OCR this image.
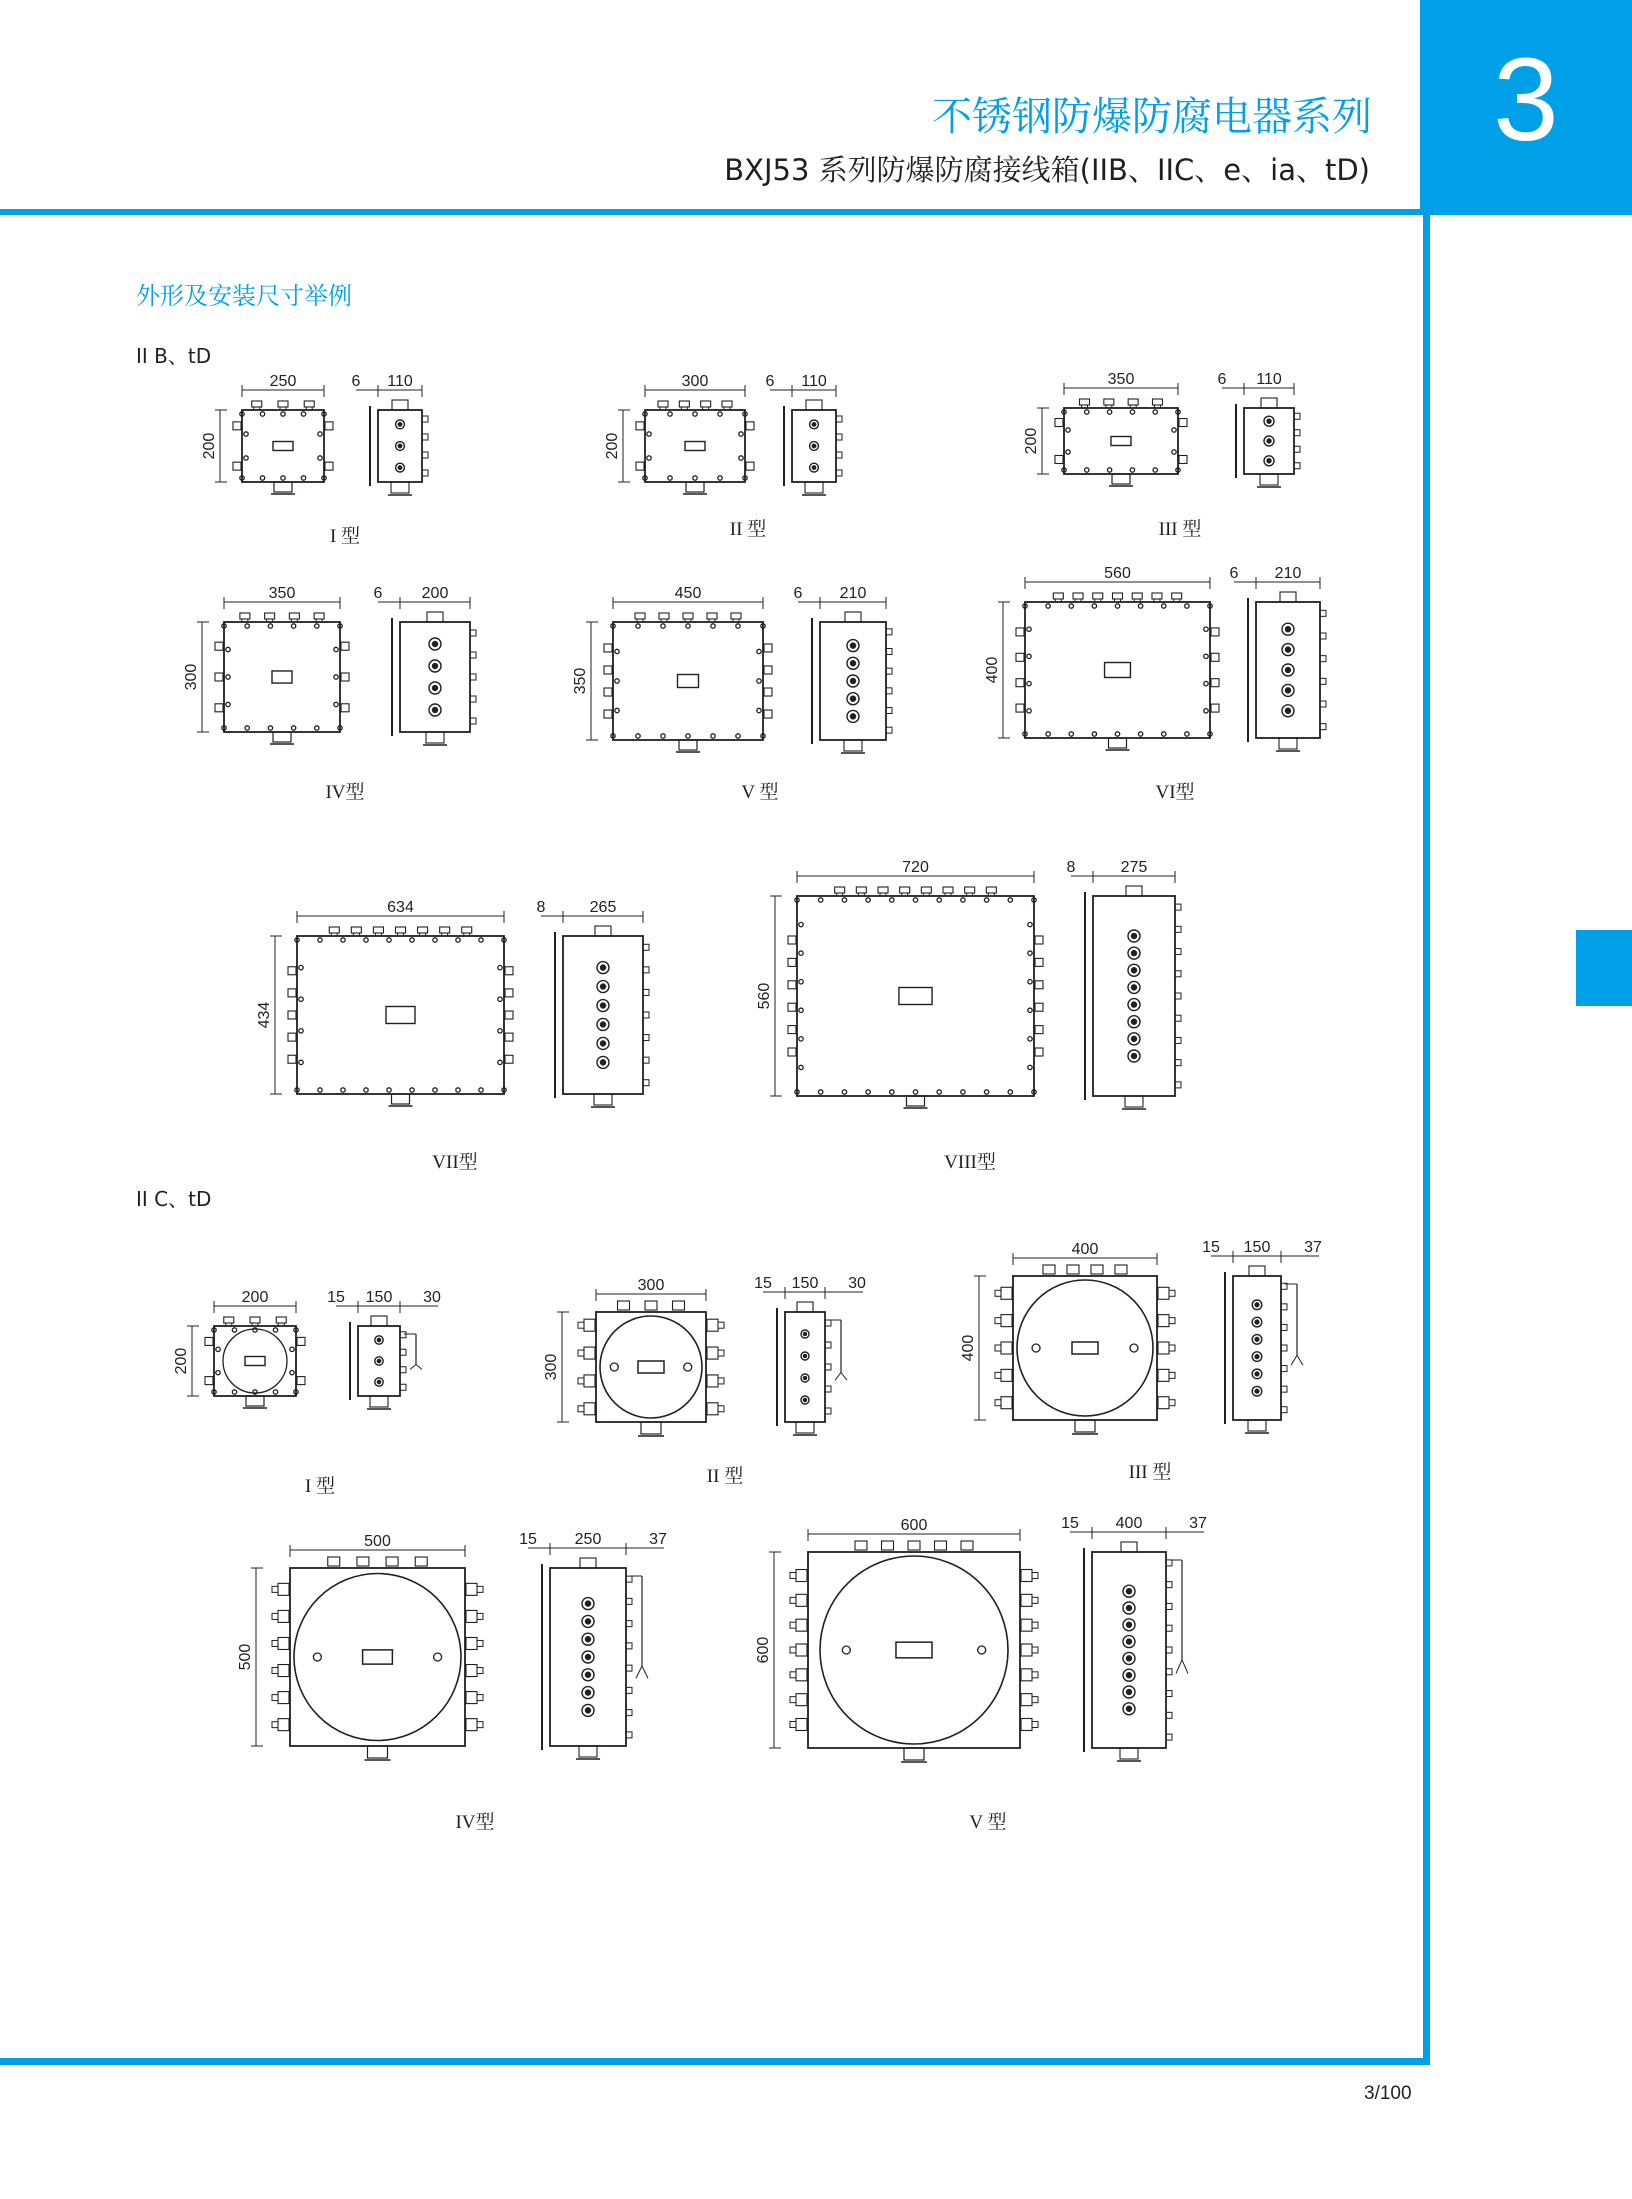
3
不锈钢防爆防腐电器系列
BXJ53 系列防爆防腐接线箱(IIB、IIC、e、ia、tD)
外形及安装尺寸举例
II B、tD
II C、tD
250
200
110
6
I 型
300
200
110
6
II 型
350
200
110
6
III 型
350
300
200
6
IV型
450
350
210
6
V 型
560
400
210
6
VI型
634
434
265
8
VII型
720
560
275
8
VIII型
200
200
150
15	30
I 型
300
300
150
15	30
II 型
400
400
150
15	37
III 型
500
500
250
15	37
IV型
600
600
400
15	37
V 型
3/100
